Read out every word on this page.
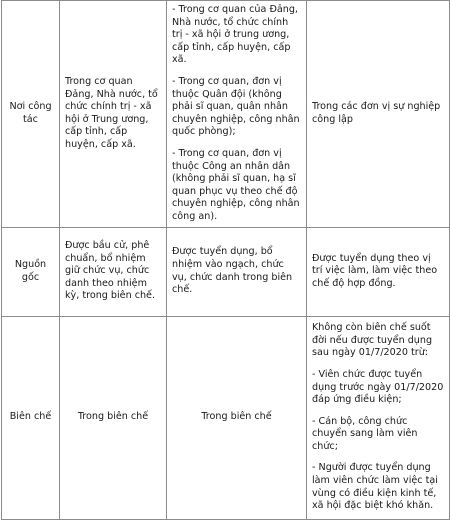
Nơi công tác	Trong cơ quan Đảng, Nhà nước, tổ chức chính trị - xã hội ở Trung ương, cấp tỉnh, cấp huyện, cấp xã.	- Trong cơ quan của Đảng, Nhà nước, tổ chức chính trị - xã hội ở trung ương, cấp tỉnh, cấp huyện, cấp xã.
- Trong cơ quan, đơn vị thuộc Quân đội (không phải sĩ quan, quân nhân chuyên nghiệp, công nhân quốc phòng);
- Trong cơ quan, đơn vị thuộc Công an nhân dân (không phải sĩ quan, hạ sĩ quan phục vụ theo chế độ chuyên nghiệp, công nhân công an).	Trong các đơn vị sự nghiệp công lập

Nguồn gốc	Được bầu cử, phê chuẩn, bổ nhiệm giữ chức vụ, chức danh theo nhiệm kỳ, trong biên chế.	Được tuyển dụng, bổ nhiệm vào ngạch, chức vụ, chức danh trong biên chế.	Được tuyển dụng theo vị trí việc làm, làm việc theo chế độ hợp đồng.

Biên chế	Trong biên chế	Trong biên chế	Không còn biên chế suốt đời nếu được tuyển dụng sau ngày 01/7/2020 trừ:
- Viên chức được tuyển dụng trước ngày 01/7/2020 đáp ứng điều kiện;
- Cán bộ, công chức chuyển sang làm viên chức;
- Người được tuyển dụng làm viên chức làm việc tại vùng có điều kiện kinh tế, xã hội đặc biệt khó khăn.
